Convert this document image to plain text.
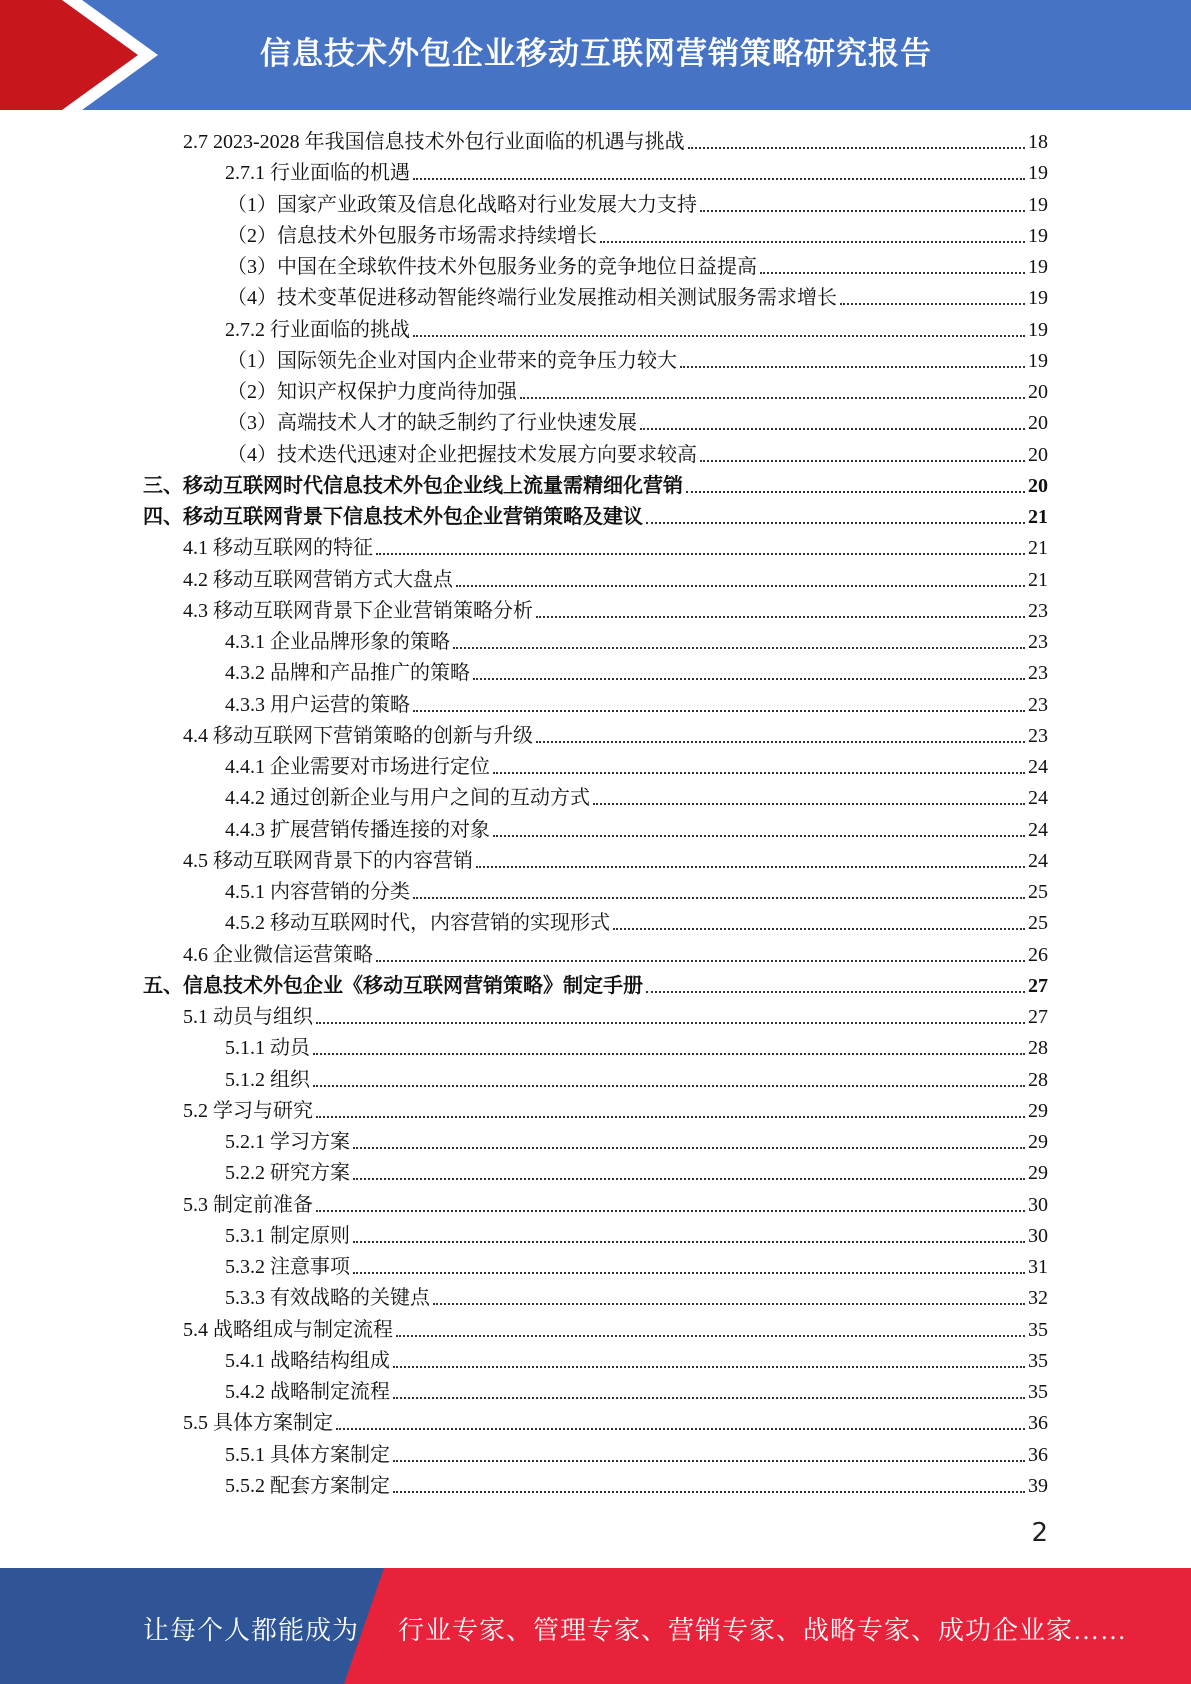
信息技术外包企业移动互联网营销策略研究报告
2.7 2023-2028 年我国信息技术外包行业面临的机遇与挑战	18
2.7.1 行业面临的机遇	19
（1）国家产业政策及信息化战略对行业发展大力支持	19
（2）信息技术外包服务市场需求持续增长	19
（3）中国在全球软件技术外包服务业务的竞争地位日益提高	19
（4）技术变革促进移动智能终端行业发展推动相关测试服务需求增长	19
2.7.2 行业面临的挑战	19
（1）国际领先企业对国内企业带来的竞争压力较大	19
（2）知识产权保护力度尚待加强	20
（3）高端技术人才的缺乏制约了行业快速发展	20
（4）技术迭代迅速对企业把握技术发展方向要求较高	20
三、移动互联网时代信息技术外包企业线上流量需精细化营销	20
四、移动互联网背景下信息技术外包企业营销策略及建议	21
4.1 移动互联网的特征	21
4.2 移动互联网营销方式大盘点	21
4.3 移动互联网背景下企业营销策略分析	23
4.3.1 企业品牌形象的策略	23
4.3.2 品牌和产品推广的策略	23
4.3.3 用户运营的策略	23
4.4 移动互联网下营销策略的创新与升级	23
4.4.1 企业需要对市场进行定位	24
4.4.2 通过创新企业与用户之间的互动方式	24
4.4.3 扩展营销传播连接的对象	24
4.5 移动互联网背景下的内容营销	24
4.5.1 内容营销的分类	25
4.5.2 移动互联网时代，内容营销的实现形式	25
4.6 企业微信运营策略	26
五、信息技术外包企业《移动互联网营销策略》制定手册	27
5.1 动员与组织	27
5.1.1 动员	28
5.1.2 组织	28
5.2 学习与研究	29
5.2.1 学习方案	29
5.2.2 研究方案	29
5.3 制定前准备	30
5.3.1 制定原则	30
5.3.2 注意事项	31
5.3.3 有效战略的关键点	32
5.4 战略组成与制定流程	35
5.4.1 战略结构组成	35
5.4.2 战略制定流程	35
5.5 具体方案制定	36
5.5.1 具体方案制定	36
5.5.2 配套方案制定	39
2
让每个人都能成为 行业专家、管理专家、营销专家、战略专家、成功企业家……
